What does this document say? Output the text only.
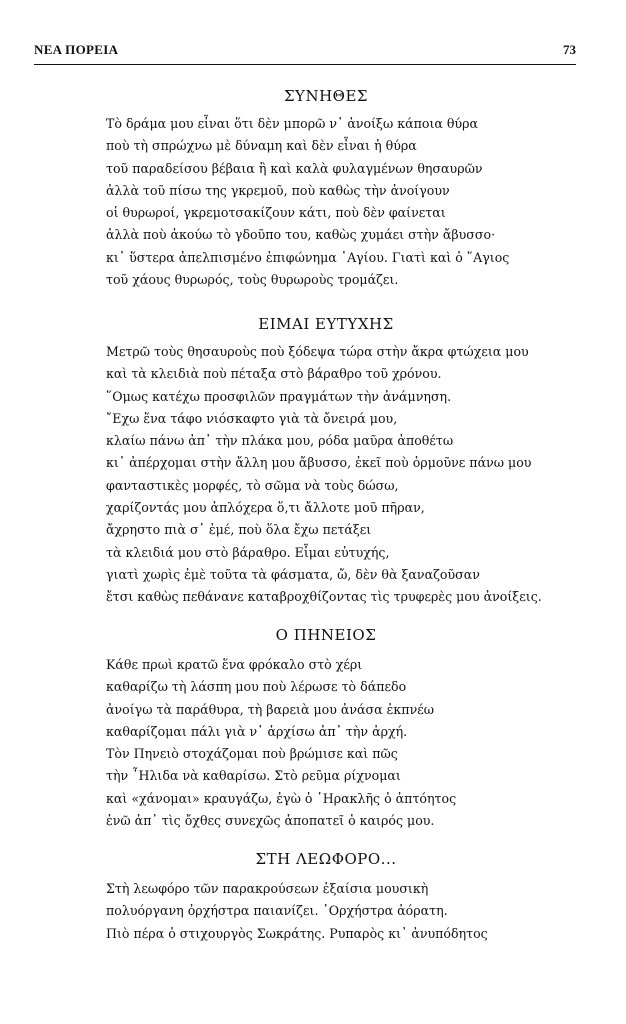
ΝΕΑ ΠΟΡΕΙΑ	73
ΣΥΝΗΘΕΣ
Τὸ δράμα μου εἶναι ὅτι δὲν μπορῶ ν᾿ ἀνοίξω κάποια θύρα
ποὺ τὴ σπρώχνω μὲ δύναμη καὶ δὲν εἶναι ἡ θύρα
τοῦ παραδείσου βέβαια ἢ καὶ καλὰ φυλαγμένων θησαυρῶν
ἀλλὰ τοῦ πίσω της γκρεμοῦ, ποὺ καθὼς τὴν ἀνοίγουν
οἱ θυρωροί, γκρεμοτσακίζουν κάτι, ποὺ δὲν φαίνεται
ἀλλὰ ποὺ ἀκούω τὸ γδοῦπο του, καθὼς χυμάει στὴν ἄβυσσο·
κι᾿ ὕστερα ἀπελπισμένο ἐπιφώνημα ῾Αγίου. Γιατὶ καὶ ὁ ῞Αγιος
τοῦ χάους θυρωρός, τοὺς θυρωροὺς τρομάζει.
ΕΙΜΑΙ ΕΥΤΥΧΗΣ
Μετρῶ τοὺς θησαυροὺς ποὺ ξόδεψα τώρα στὴν ἄκρα φτώχεια μου
καὶ τὰ κλειδιὰ ποὺ πέταξα στὸ βάραθρο τοῦ χρόνου.
῞Ομως κατέχω προσφιλῶν πραγμάτων τὴν ἀνάμνηση.
῎Εχω ἕνα τάφο νιόσκαφτο γιὰ τὰ ὄνειρά μου,
κλαίω πάνω ἀπ᾿ τὴν πλάκα μου, ρόδα μαῦρα ἀποθέτω
κι᾿ ἀπέρχομαι στὴν ἄλλη μου ἄβυσσο, ἐκεῖ ποὺ ὁρμοῦνε πάνω μου
φανταστικὲς μορφές, τὸ σῶμα νὰ τοὺς δώσω,
χαρίζοντάς μου ἀπλόχερα ὅ,τι ἄλλοτε μοῦ πῆραν,
ἄχρηστο πιὰ σ᾿ ἐμέ, ποὺ ὅλα ἔχω πετάξει
τὰ κλειδιά μου στὸ βάραθρο. Εἶμαι εὐτυχής,
γιατὶ χωρὶς ἐμὲ τοῦτα τὰ φάσματα, ὤ, δὲν θὰ ξαναζοῦσαν
ἔτσι καθὼς πεθάνανε καταβροχθίζοντας τὶς τρυφερὲς μου ἀνοίξεις.
Ο ΠΗΝΕΙΟΣ
Κάθε πρωὶ κρατῶ ἕνα φρόκαλο στὸ χέρι
καθαρίζω τὴ λάσπη μου ποὺ λέρωσε τὸ δάπεδο
ἀνοίγω τὰ παράθυρα, τὴ βαρειὰ μου ἀνάσα ἐκπνέω
καθαρίζομαι πάλι γιὰ ν᾿ ἀρχίσω ἀπ᾿ τὴν ἀρχή.
Τὸν Πηνειὸ στοχάζομαι ποὺ βρώμισε καὶ πῶς
τὴν ῏Ηλιδα νὰ καθαρίσω. Στὸ ρεῦμα ρίχνομαι
καὶ «χάνομαι» κραυγάζω, ἐγὼ ὁ ῾Ηρακλῆς ὁ ἀπτόητος
ἐνῶ ἀπ᾿ τὶς ὄχθες συνεχῶς ἀποπατεῖ ὁ καιρός μου.
ΣΤΗ ΛΕΩΦΟΡΟ...
Στὴ λεωφόρο τῶν παρακρούσεων ἐξαίσια μουσικὴ
πολυόργανη ὀρχήστρα παιανίζει. ᾿Ορχήστρα ἀόρατη.
Πιὸ πέρα ὁ στιχουργὸς Σωκράτης. Ρυπαρὸς κι᾿ ἀνυπόδητος
